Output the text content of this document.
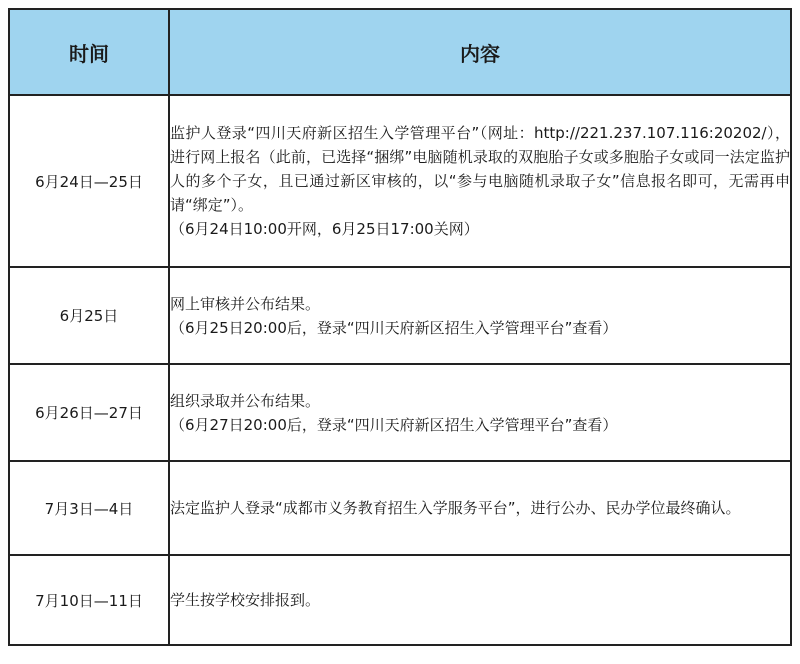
时间	内容
6月24日—25日	监护人登录“四川天府新区招生入学管理平台”（网址：http://221.237.107.116:20202/），进行网上报名（此前，已选择“捆绑”电脑随机录取的双胞胎子女或多胞胎子女或同一法定监护人的多个子女，且已通过新区审核的，以“参与电脑随机录取子女”信息报名即可，无需再申请“绑定”）。

（6月24日10:00开网，6月25日17:00关网）

6月25日	网上审核并公布结果。

（6月25日20:00后，登录“四川天府新区招生入学管理平台”查看）

6月26日—27日	组织录取并公布结果。

（6月27日20:00后，登录“四川天府新区招生入学管理平台”查看）

7月3日—4日	法定监护人登录“成都市义务教育招生入学服务平台”，进行公办、民办学位最终确认。

7月10日—11日	学生按学校安排报到。
